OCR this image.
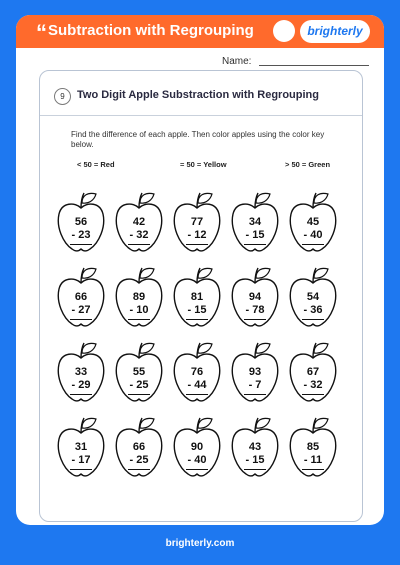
“Subtraction with Regrouping	brighterly
Name:
9	Two Digit Apple Substraction with Regrouping
Find the difference of each apple. Then color apples using the color key below.
< 50 = Red	= 50 = Yellow	> 50 = Green
56
- 23
42
- 32
77
- 12
34
- 15
45
- 40
66
- 27
89
- 10
81
- 15
94
- 78
54
- 36
33
- 29
55
- 25
76
- 44
93
- 7
67
- 32
31
- 17
66
- 25
90
- 40
43
- 15
85
- 11
brighterly.com
